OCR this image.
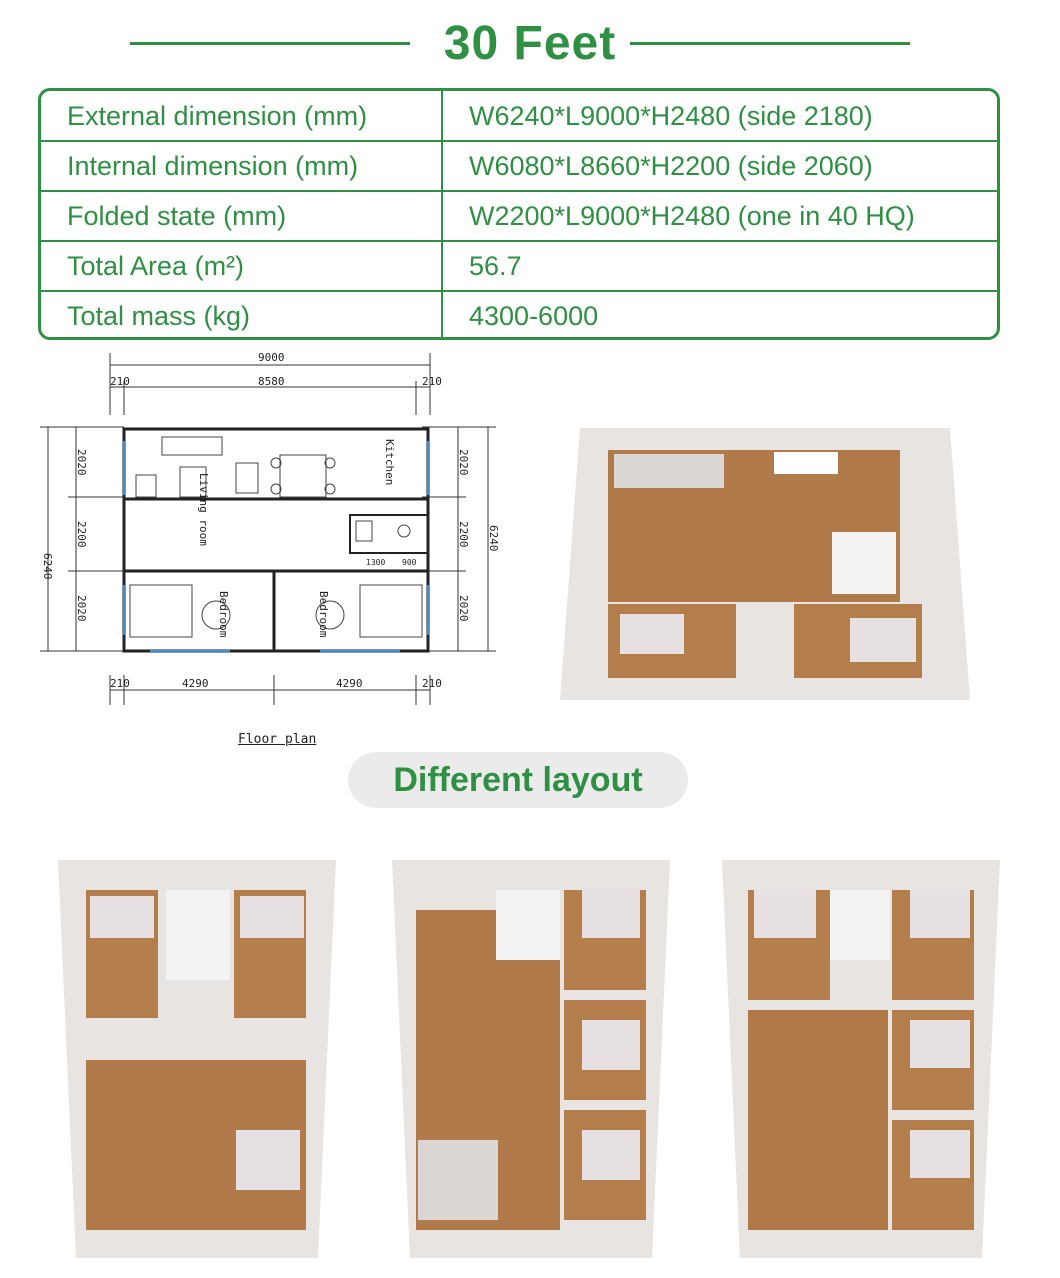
30 Feet
External dimension (mm)	W6240*L9000*H2480 (side 2180)
Internal dimension (mm)	W6080*L8660*H2200 (side 2060)
Folded state (mm)	W2200*L9000*H2480 (one in 40 HQ)
Total Area (m²)	56.7
Total mass (kg)	4300-6000
9000
210	8580	210
210	4290	4290	210
1300 900
6240
2020
2200
2020
2020
2200
2020
6240
Living room
Kitchen
Bedroom	Bedroom
Floor plan
Different layout
